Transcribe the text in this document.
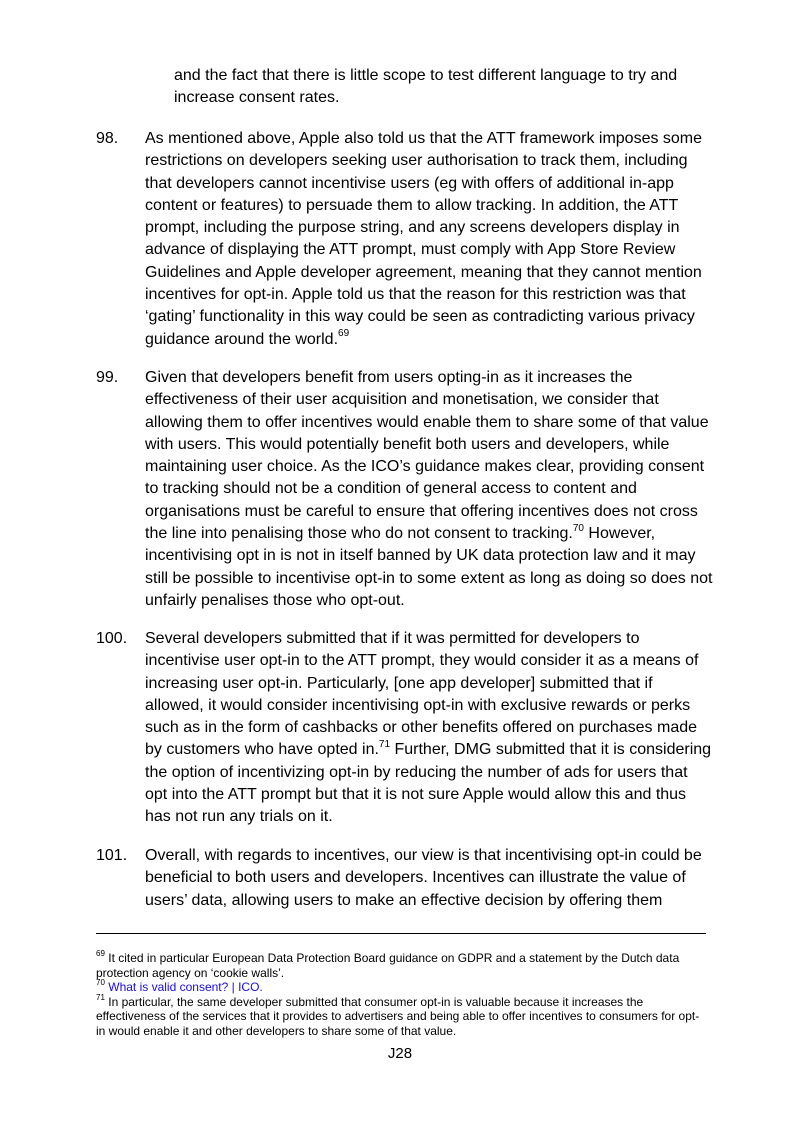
and the fact that there is little scope to test different language to try and increase consent rates.
98.	As mentioned above, Apple also told us that the ATT framework imposes some restrictions on developers seeking user authorisation to track them, including that developers cannot incentivise users (eg with offers of additional in-app content or features) to persuade them to allow tracking. In addition, the ATT prompt, including the purpose string, and any screens developers display in advance of displaying the ATT prompt, must comply with App Store Review Guidelines and Apple developer agreement, meaning that they cannot mention incentives for opt-in. Apple told us that the reason for this restriction was that ‘gating’ functionality in this way could be seen as contradicting various privacy guidance around the world.$^{69}$
99.	Given that developers benefit from users opting-in as it increases the effectiveness of their user acquisition and monetisation, we consider that allowing them to offer incentives would enable them to share some of that value with users. This would potentially benefit both users and developers, while maintaining user choice. As the ICO’s guidance makes clear, providing consent to tracking should not be a condition of general access to content and organisations must be careful to ensure that offering incentives does not cross the line into penalising those who do not consent to tracking.$^{70}$ However, incentivising opt in is not in itself banned by UK data protection law and it may still be possible to incentivise opt-in to some extent as long as doing so does not unfairly penalises those who opt-out.
100.	Several developers submitted that if it was permitted for developers to incentivise user opt-in to the ATT prompt, they would consider it as a means of increasing user opt-in. Particularly, [one app developer] submitted that if allowed, it would consider incentivising opt-in with exclusive rewards or perks such as in the form of cashbacks or other benefits offered on purchases made by customers who have opted in.$^{71}$ Further, DMG submitted that it is considering the option of incentivizing opt-in by reducing the number of ads for users that opt into the ATT prompt but that it is not sure Apple would allow this and thus has not run any trials on it.
101.	Overall, with regards to incentives, our view is that incentivising opt-in could be beneficial to both users and developers. Incentives can illustrate the value of users’ data, allowing users to make an effective decision by offering them

$^{69}$ It cited in particular European Data Protection Board guidance on GDPR and a statement by the Dutch data protection agency on ‘cookie walls’.

$^{70}$ What is valid consent? | ICO.

$^{71}$ In particular, the same developer submitted that consumer opt-in is valuable because it increases the effectiveness of the services that it provides to advertisers and being able to offer incentives to consumers for opt-in would enable it and other developers to share some of that value.

J28
